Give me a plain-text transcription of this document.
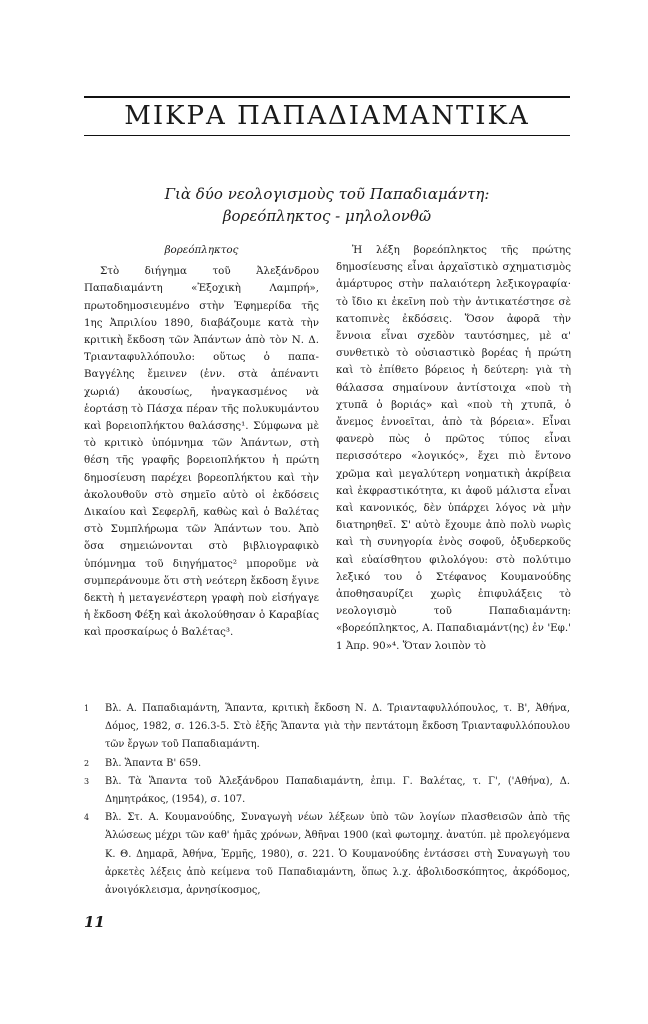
ΜΙΚΡΑ ΠΑΠΑΔΙΑΜΑΝΤΙΚΑ
Γιὰ δύο νεολογισμοὺς τοῦ Παπαδιαμάντη:
βορεόπληκτος - μηλολονθῶ

βορεόπληκτος

Στὸ διήγημα τοῦ Ἀλεξάνδρου Παπαδιαμάντη «Ἐξοχικὴ Λαμπρή», πρωτοδημοσιευμένο στὴν Ἐφημερίδα τῆς 1ης Ἀπριλίου 1890, διαβάζουμε κατὰ τὴν κριτικὴ ἔκδοση τῶν Ἁπάντων ἀπὸ τὸν Ν. Δ. Τριανταφυλλόπουλο: οὕτως ὁ παπα-Βαγγέλης ἔμεινεν (ἐνν. στὰ ἀπέναντι χωριά) ἀκουσίως, ἠναγκασμένος νὰ ἑορτάσῃ τὸ Πάσχα πέραν τῆς πολυκυμάντου καὶ βορειοπλήκτου θαλάσσης¹. Σύμφωνα μὲ τὸ κριτικὸ ὑπόμνημα τῶν Ἁπάντων, στὴ θέση τῆς γραφῆς βορειοπλήκτου ἡ πρώτη δημοσίευση παρέχει βορεοπλήκτου καὶ τὴν ἀκολουθοῦν στὸ σημεῖο αὐτὸ οἱ ἐκδόσεις Δικαίου καὶ Σεφερλῆ, καθὼς καὶ ὁ Βαλέτας στὸ Συμπλήρωμα τῶν Ἁπάντων του. Ἀπὸ ὅσα σημειώνονται στὸ βιβλιογραφικὸ ὑπόμνημα τοῦ διηγήματος² μποροῦμε νὰ συμπεράνουμε ὅτι στὴ νεότερη ἔκδοση ἔγινε δεκτὴ ἡ μεταγενέστερη γραφὴ ποὺ εἰσήγαγε ἡ ἔκδοση Φέξη καὶ ἀκολούθησαν ὁ Καραβίας καὶ προσκαίρως ὁ Βαλέτας³.

Ἡ λέξη βορεόπληκτος τῆς πρώτης δημοσίευσης εἶναι ἀρχαϊστικὸ σχηματισμὸς ἁμάρτυρος στὴν παλαιότερη λεξικογραφία· τὸ ἴδιο κι ἐκεῖνη ποὺ τὴν ἀντικατέστησε σὲ κατοπινὲς ἐκδόσεις. Ὅσον ἀφορᾶ τὴν ἔννοια εἶναι σχεδὸν ταυτόσημες, μὲ α' συνθετικὸ τὸ οὐσιαστικὸ βορέας ἡ πρώτη καὶ τὸ ἐπίθετο βόρειος ἡ δεύτερη: γιὰ τὴ θάλασσα σημαίνουν ἀντίστοιχα «ποὺ τὴ χτυπᾶ ὁ βοριάς» καὶ «ποὺ τὴ χτυπᾶ, ὁ ἄνεμος ἐννοεῖται, ἀπὸ τὰ βόρεια». Εἶναι φανερὸ πὼς ὁ πρῶτος τύπος εἶναι περισσότερο «λογικός», ἔχει πιὸ ἔντονο χρῶμα καὶ μεγαλύτερη νοηματικὴ ἀκρίβεια καὶ ἐκφραστικότητα, κι ἀφοῦ μάλιστα εἶναι καὶ κανονικός, δὲν ὑπάρχει λόγος νὰ μὴν διατηρηθεῖ. Σ' αὐτὸ ἔχουμε ἀπὸ πολὺ νωρὶς καὶ τὴ συνηγορία ἑνὸς σοφοῦ, ὀξυδερκοῦς καὶ εὐαίσθητου φιλολόγου: στὸ πολύτιμο λεξικό του ὁ Στέφανος Κουμανούδης ἀποθησαυρίζει χωρὶς ἐπιφυλάξεις τὸ νεολογισμὸ τοῦ Παπαδιαμάντη: «βορεόπληκτος, Α. Παπαδιαμάντ(ης) ἐν 'Εφ.' 1 Ἀπρ. 90»⁴. Ὅταν λοιπὸν τὸ

1 Βλ. Α. Παπαδιαμάντη, Ἅπαντα, κριτικὴ ἔκδοση Ν. Δ. Τριανταφυλλόπουλος, τ. Β', Ἀθήνα, Δόμος, 1982, σ. 126.3-5. Στὸ ἑξῆς Ἅπαντα γιὰ τὴν πεντάτομη ἔκδοση Τριανταφυλλόπουλου τῶν ἔργων τοῦ Παπαδιαμάντη.
2 Βλ. Ἅπαντα Β' 659.
3 Βλ. Τὰ Ἅπαντα τοῦ Ἀλεξάνδρου Παπαδιαμάντη, ἐπιμ. Γ. Βαλέτας, τ. Γ', ('Αθήνα), Δ. Δημητράκος, (1954), σ. 107.
4 Βλ. Στ. Α. Κουμανούδης, Συναγωγὴ νέων λέξεων ὑπὸ τῶν λογίων πλασθεισῶν ἀπὸ τῆς Ἁλώσεως μέχρι τῶν καθ' ἡμᾶς χρόνων, Ἀθῆναι 1900 (καὶ φωτομηχ. ἀνατύπ. μὲ προλεγόμενα Κ. Θ. Δημαρᾶ, Ἀθήνα, Ἑρμῆς, 1980), σ. 221. Ὁ Κουμανούδης ἐντάσσει στὴ Συναγωγὴ του ἀρκετὲς λέξεις ἀπὸ κείμενα τοῦ Παπαδιαμάντη, ὅπως λ.χ. ἀβολιδοσκόπητος, ἀκρόδομος, ἀνοιγόκλεισμα, ἀρνησίκοσμος,
11
